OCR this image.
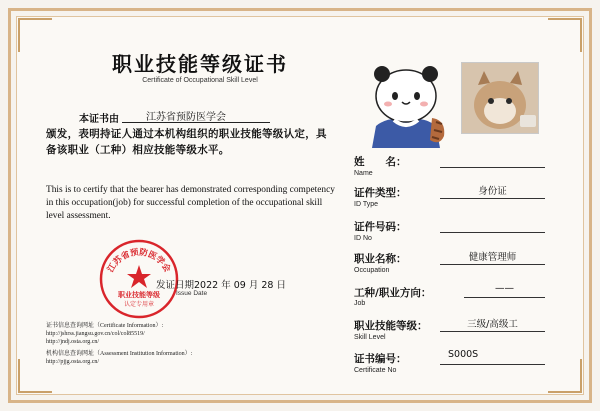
职业技能等级证书
Certificate of Occupational Skill Level
本证书由	江苏省预防医学会
颁发，表明持证人通过本机构组织的职业技能等级认定，具备该职业（工种）相应技能等级水平。
This is to certify that the bearer has demonstrated corresponding competency in this occupation(job) for successful completion of the occupational skill level assessment.
江苏省预防医学会
职业技能等级
认定专用章
发证日期2022 年 09 月 28 日
Issue Date
证书信息查询网址（Certificate Information）:
http://jshrss.jiangsu.gov.cn/col/col85519/
http://jndj.osta.org.cn/
机构信息查询网址（Assessment Institution Information）:
http://pjjg.osta.org.cn/
姓　　名：
Name
证件类型：
ID Type
身份证
证件号码：
ID No
职业名称：
Occupation
健康管理师
工种/职业方向：
Job
——
职业技能等级：
Skill Level
三级/高级工
证书编号：
Certificate No
S000S
